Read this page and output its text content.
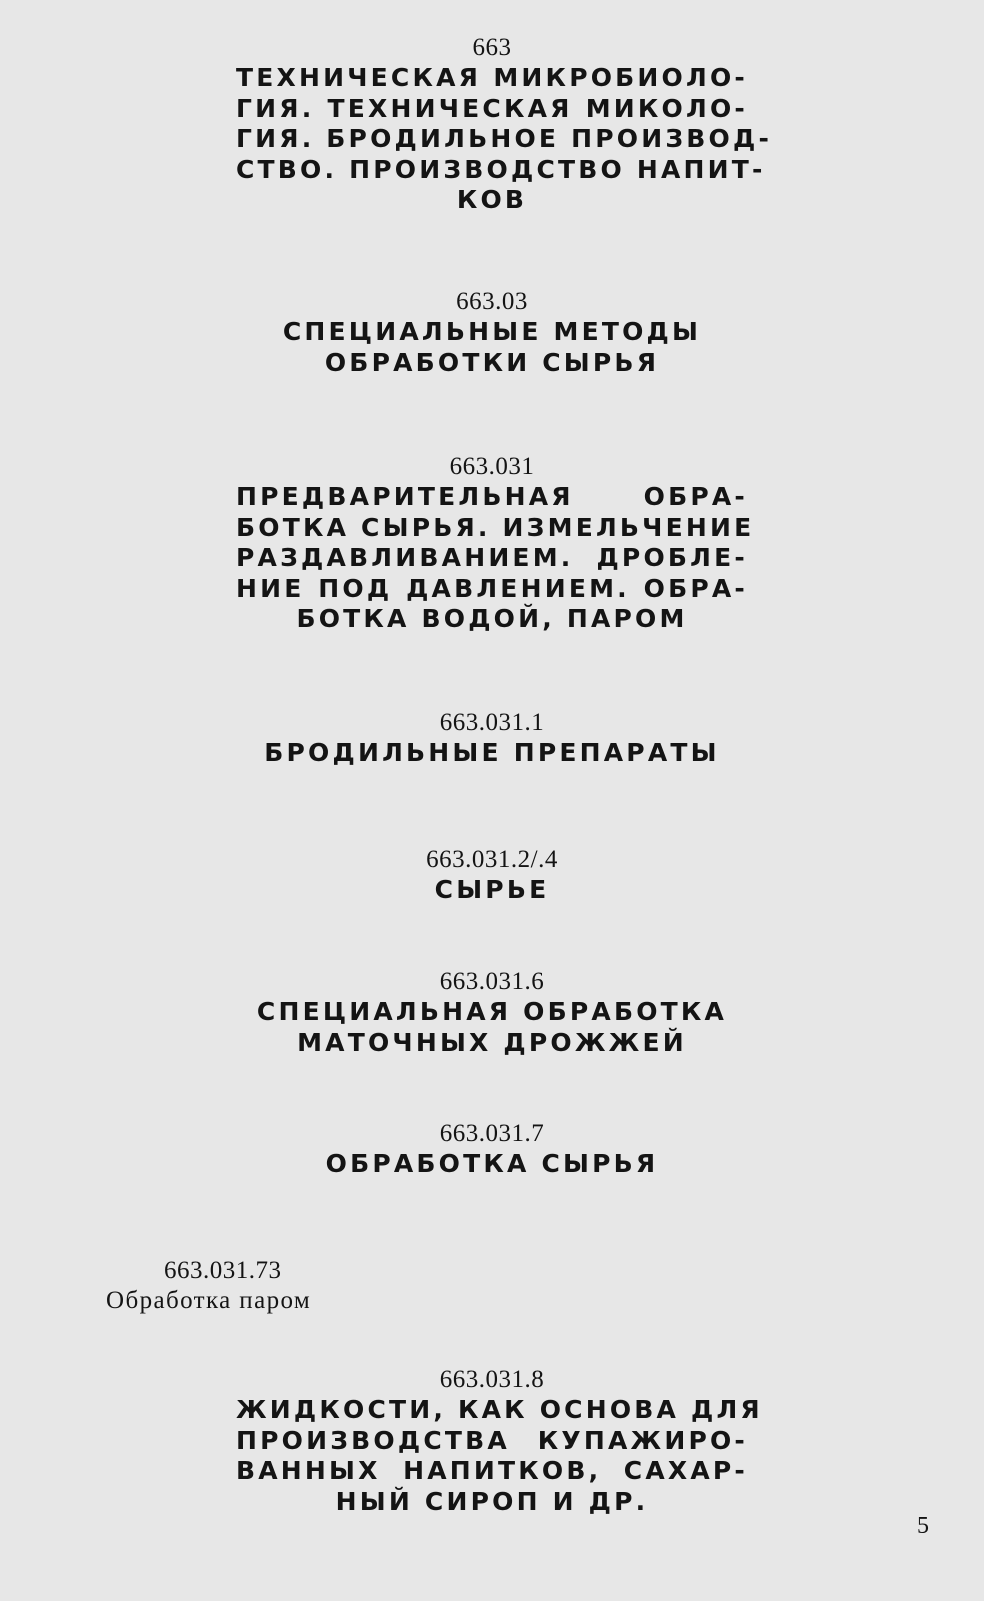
663
ТЕХНИЧЕСКАЯ МИКРОБИОЛО-
ГИЯ. ТЕХНИЧЕСКАЯ МИКОЛО-
ГИЯ. БРОДИЛЬНОЕ ПРОИЗВОД-
СТВО. ПРОИЗВОДСТВО НАПИТ-
КОВ
663.03
СПЕЦИАЛЬНЫЕ МЕТОДЫ
ОБРАБОТКИ СЫРЬЯ
663.031
ПРЕДВАРИТЕЛЬНАЯ ОБРА-
БОТКА СЫРЬЯ. ИЗМЕЛЬЧЕНИЕ
РАЗДАВЛИВАНИЕМ. ДРОБЛЕ-
НИЕ ПОД ДАВЛЕНИЕМ. ОБРА-
БОТКА ВОДОЙ, ПАРОМ
663.031.1
БРОДИЛЬНЫЕ ПРЕПАРАТЫ
663.031.2/.4
СЫРЬЕ
663.031.6
СПЕЦИАЛЬНАЯ ОБРАБОТКА
МАТОЧНЫХ ДРОЖЖЕЙ
663.031.7
ОБРАБОТКА СЫРЬЯ
663.031.73
Обработка паром
663.031.8
ЖИДКОСТИ, КАК ОСНОВА ДЛЯ
ПРОИЗВОДСТВА КУПАЖИРО-
ВАННЫХ НАПИТКОВ, САХАР-
НЫЙ СИРОП И ДР.
5
